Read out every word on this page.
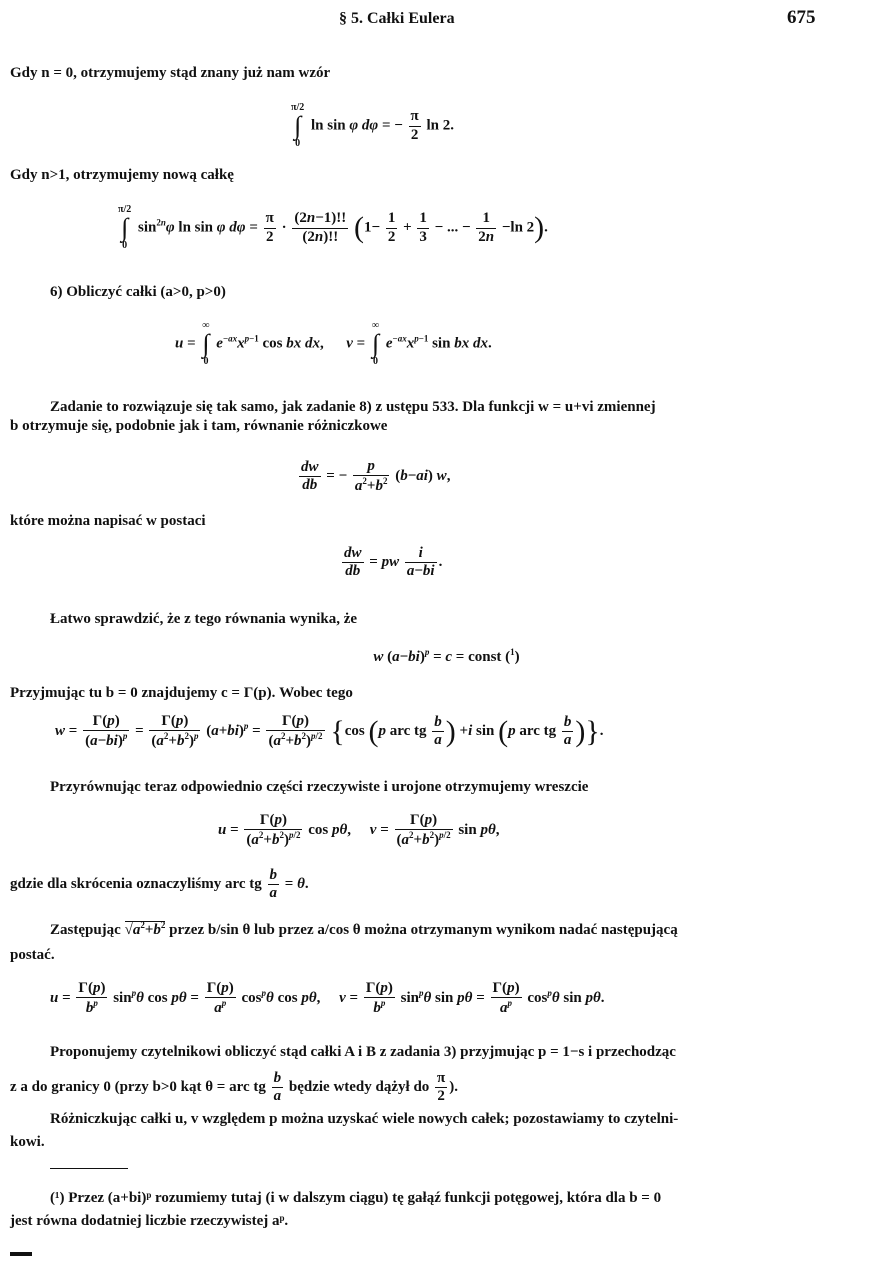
§ 5. Całki Eulera	675
Gdy n = 0, otrzymujemy stąd znany już nam wzór
π/2
∫
0
ln sin φ dφ = − $\frac{\pi}{2}$ ln 2.
Gdy n>1, otrzymujemy nową całkę
π/2
∫
0
$\sin^{2n}\varphi$ ln sin φ $d\varphi = \frac{\pi}{2} \cdot \frac{(2n-1)!!}{(2n)!!} (1- \frac{1}{2} + \frac{1}{3}$ − ... − $\frac{1}{2n} -\ln$ 2).
6) Obliczyć całki (a>0, p>0)
u =
∞
∫
0
$e^{-ax}x^{p-1}$ cos bx dx,      v =
∞
∫
0
$e^{-ax}x^{p-1}$ sin bx dx.
Zadanie to rozwiązuje się tak samo, jak zadanie 8) z ustępu 533. Dla funkcji w = u+vi zmiennej
b otrzymuje się, podobnie jak i tam, równanie różniczkowe
$\frac{dw}{db}$ = − $\frac{p}{a^2+b^2} (b-ai)$ w,
które można napisać w postaci
$\frac{dw}{db}$ = pw $\frac{i}{a-bi}$ .
Łatwo sprawdzić, że z tego równania wynika, że
w $(a-bi)^p = c$ = const ($^1$)
Przyjmując tu b = 0 znajdujemy c = Γ(p). Wobec tego
$w = \frac{\Gamma(p)}{(a-bi)^p} = \frac{\Gamma(p)}{(a^2+b^2)^p} (a+bi)^p = \frac{\Gamma(p)}{(a^2+b^2)^{p/2}} \{\cos$ (p arc tg $\frac{b}{a}$ ) +i sin (p arc tg $\frac{b}{a}$ )}.
Przyrównując teraz odpowiednio części rzeczywiste i urojone otrzymujemy wreszcie
$u = \frac{\Gamma(p)}{(a^2+b^2)^{p/2}}$ cos pθ,     $v = \frac{\Gamma(p)}{(a^2+b^2)^{p/2}}$ sin pθ,
gdzie dla skrócenia oznaczyliśmy arc tg $\frac{b}{a} = \theta$.
Zastępując $√a^2+b^2$ przez b/sin θ lub przez a/cos θ można otrzymanym wynikom nadać następującą
postać.
$u = \frac{\Gamma(p)}{b^p} \sin^p\theta$ $\cos p\theta = \frac{\Gamma(p)}{a^p} \cos^p\theta$ cos pθ,     $v = \frac{\Gamma(p)}{b^p} \sin^p\theta$ $\sin p\theta = \frac{\Gamma(p)}{a^p} \cos^p\theta$ sin pθ.
Proponujemy czytelnikowi obliczyć stąd całki A i B z zadania 3) przyjmując p = 1−s i przechodząc
z a do granicy 0 (przy b>0 kąt θ = arc tg $\frac{b}{a}$ będzie wtedy dążył do $\frac{\pi}{2}$ ).
Różniczkując całki u, v względem p można uzyskać wiele nowych całek; pozostawiamy to czytelni-
kowi.
(¹) Przez (a+bi)ᵖ rozumiemy tutaj (i w dalszym ciągu) tę gałąź funkcji potęgowej, która dla b = 0
jest równa dodatniej liczbie rzeczywistej aᵖ.
